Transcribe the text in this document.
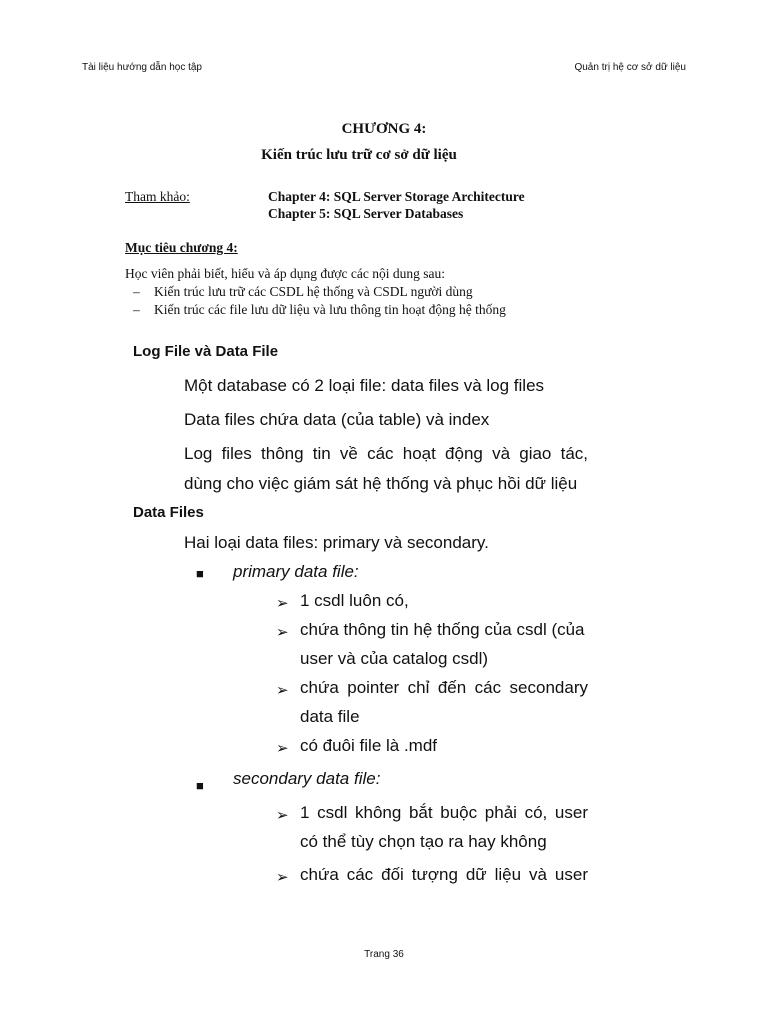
Tài liệu hướng dẫn học tập	Quản trị hệ cơ sở dữ liệu
CHƯƠNG 4:
Kiến trúc lưu trữ cơ sở dữ liệu
Tham khảo:	Chapter 4: SQL Server Storage Architecture
Chapter 5: SQL Server Databases
Mục tiêu chương 4:
Học viên phải biết, hiểu và áp dụng được các nội dung sau:
– Kiến trúc lưu trữ các CSDL hệ thống và CSDL người dùng
– Kiến trúc các file lưu dữ liệu và lưu thông tin hoạt động hệ thống
Log File và Data File
Một database có 2 loại file: data files và log files
Data files chứa data (của table) và index
Log files thông tin về các hoạt động và giao tác,
dùng cho việc giám sát hệ thống và phục hồi dữ liệu
Data Files
Hai loại data files: primary và secondary.
■ primary data file:
➢ 1 csdl luôn có,
➢ chứa thông tin hệ thống của csdl (của
user và của catalog csdl)
➢ chứa pointer chỉ đến các secondary
data file
➢ có đuôi file là .mdf
■ secondary data file:
➢ 1 csdl không bắt buộc phải có, user
có thể tùy chọn tạo ra hay không
➢ chứa các đối tượng dữ liệu và user
Trang 36
